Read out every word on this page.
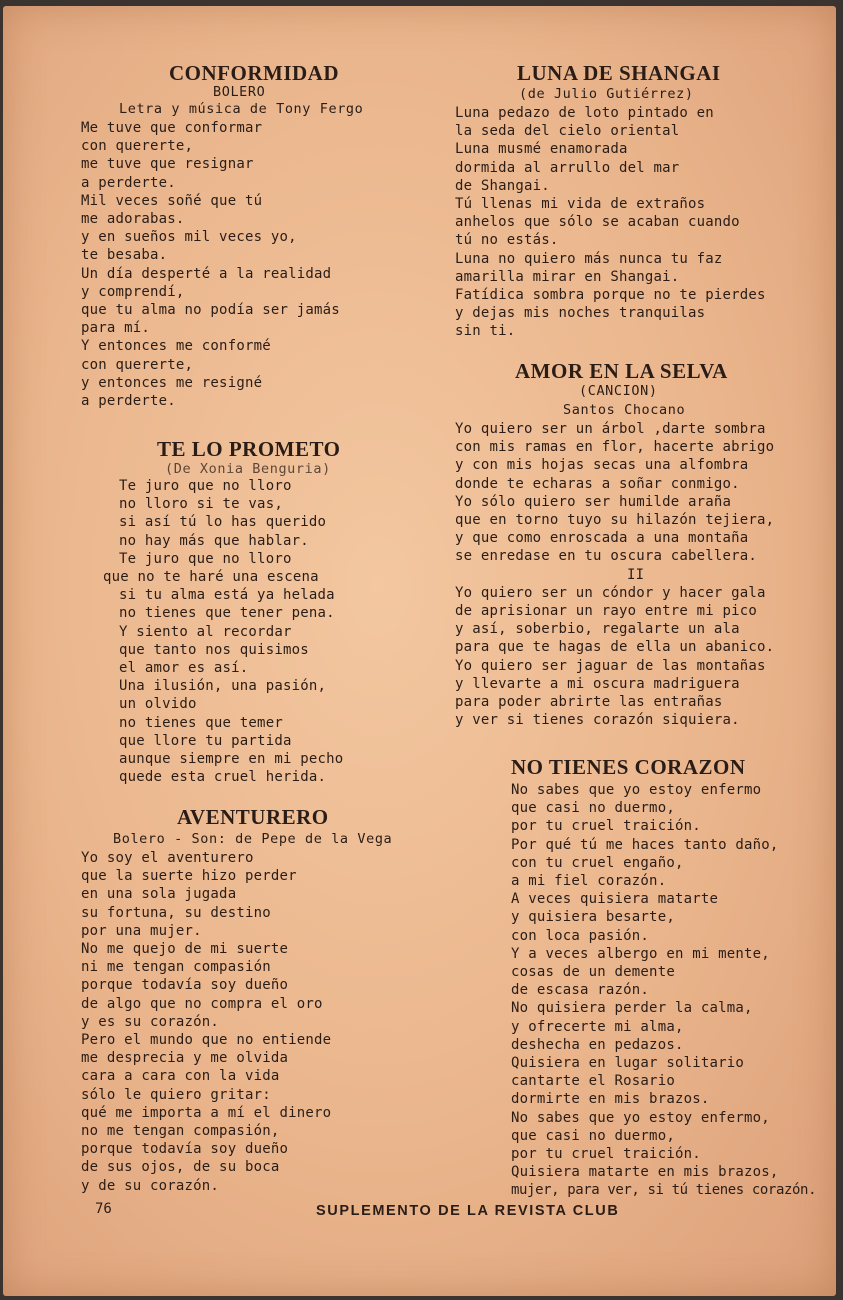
CONFORMIDAD
BOLERO
Letra y música de Tony Fergo
Me tuve que conformar
con quererte,
me tuve que resignar
a perderte.
Mil veces soñé que tú
me adorabas.
y en sueños mil veces yo,
te besaba.
Un día desperté a la realidad
y comprendí,
que tu alma no podía ser jamás
para mí.
Y entonces me conformé
con quererte,
y entonces me resigné
a perderte.
TE LO PROMETO
(De Xonia Benguria)
Te juro que no lloro
no lloro si te vas,
si así tú lo has querido
no hay más que hablar.
Te juro que no lloro
que no te haré una escena
si tu alma está ya helada
no tienes que tener pena.
Y siento al recordar
que tanto nos quisimos
el amor es así.
Una ilusión, una pasión,
un olvido
no tienes que temer
que llore tu partida
aunque siempre en mi pecho
quede esta cruel herida.
AVENTURERO
Bolero - Son: de Pepe de la Vega
Yo soy el aventurero
que la suerte hizo perder
en una sola jugada
su fortuna, su destino
por una mujer.
No me quejo de mi suerte
ni me tengan compasión
porque todavía soy dueño
de algo que no compra el oro
y es su corazón.
Pero el mundo que no entiende
me desprecia y me olvida
cara a cara con la vida
sólo le quiero gritar:
qué me importa a mí el dinero
no me tengan compasión,
porque todavía soy dueño
de sus ojos, de su boca
y de su corazón.
LUNA DE SHANGAI
(de Julio Gutiérrez)
Luna pedazo de loto pintado en
la seda del cielo oriental
Luna musmé enamorada
dormida al arrullo del mar
de Shangai.
Tú llenas mi vida de extraños
anhelos que sólo se acaban cuando
tú no estás.
Luna no quiero más nunca tu faz
amarilla mirar en Shangai.
Fatídica sombra porque no te pierdes
y dejas mis noches tranquilas
sin ti.
AMOR EN LA SELVA
(CANCION)
Santos Chocano
Yo quiero ser un árbol ,darte sombra
con mis ramas en flor, hacerte abrigo
y con mis hojas secas una alfombra
donde te echaras a soñar conmigo.
Yo sólo quiero ser humilde araña
que en torno tuyo su hilazón tejiera,
y que como enroscada a una montaña
se enredase en tu oscura cabellera.
II
Yo quiero ser un cóndor y hacer gala
de aprisionar un rayo entre mi pico
y así, soberbio, regalarte un ala
para que te hagas de ella un abanico.
Yo quiero ser jaguar de las montañas
y llevarte a mi oscura madriguera
para poder abrirte las entrañas
y ver si tienes corazón siquiera.
NO TIENES CORAZON
No sabes que yo estoy enfermo
que casi no duermo,
por tu cruel traición.
Por qué tú me haces tanto daño,
con tu cruel engaño,
a mi fiel corazón.
A veces quisiera matarte
y quisiera besarte,
con loca pasión.
Y a veces albergo en mi mente,
cosas de un demente
de escasa razón.
No quisiera perder la calma,
y ofrecerte mi alma,
deshecha en pedazos.
Quisiera en lugar solitario
cantarte el Rosario
dormirte en mis brazos.
No sabes que yo estoy enfermo,
que casi no duermo,
por tu cruel traición.
Quisiera matarte en mis brazos,
mujer, para ver, si tú tienes corazón.
76	SUPLEMENTO DE LA REVISTA CLUB
